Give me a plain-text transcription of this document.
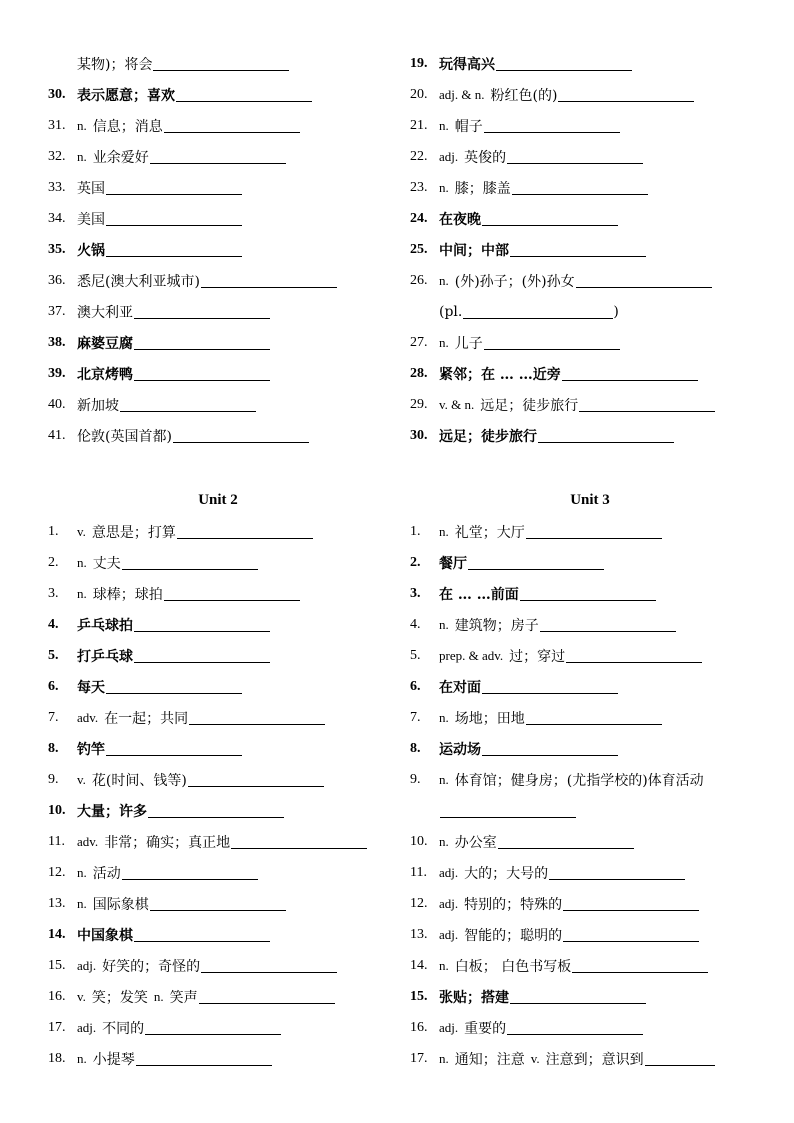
某物)；将会
30. 表示愿意；喜欢
31. n. 信息；消息
32. n. 业余爱好
33. 英国
34. 美国
35. 火锅
36. 悉尼(澳大利亚城市)
37. 澳大利亚
38. 麻婆豆腐
39. 北京烤鸭
40. 新加坡
41. 伦敦(英国首都)
19. 玩得高兴
20. adj. & n. 粉红色(的)
21. n. 帽子
22. adj. 英俊的
23. n. 膝；膝盖
24. 在夜晚
25. 中间；中部
26. n. (外)孙子；(外)孙女
(pl.	)
27. n. 儿子
28. 紧邻；在 … …近旁
29. v. & n. 远足；徒步旅行
30. 远足；徒步旅行
Unit 2
1.	v. 意思是；打算
2.	n. 丈夫
3.	n. 球棒；球拍
4.	乒乓球拍
5.	打乒乓球
6.	每天
7.	adv. 在一起；共同
8.	钓竿
9.	v. 花(时间、钱等)
10. 大量；许多
11. adv. 非常；确实；真正地
12. n. 活动
13. n. 国际象棋
14. 中国象棋
15. adj. 好笑的；奇怪的
16. v. 笑；发笑 n. 笑声
17. adj. 不同的
18. n. 小提琴
Unit 3
1.	n. 礼堂；大厅
2.	餐厅
3.	在 … …前面
4.	n. 建筑物；房子
5.	prep. & adv. 过；穿过
6.	在对面
7.	n. 场地；田地
8.	运动场
9.	n. 体育馆；健身房；(尤指学校的)体育活动
10. n. 办公室
11. adj. 大的；大号的
12. adj. 特别的；特殊的
13. adj. 智能的；聪明的
14. n. 白板； 白色书写板
15. 张贴；搭建
16. adj. 重要的
17. n. 通知；注意 v. 注意到；意识到
